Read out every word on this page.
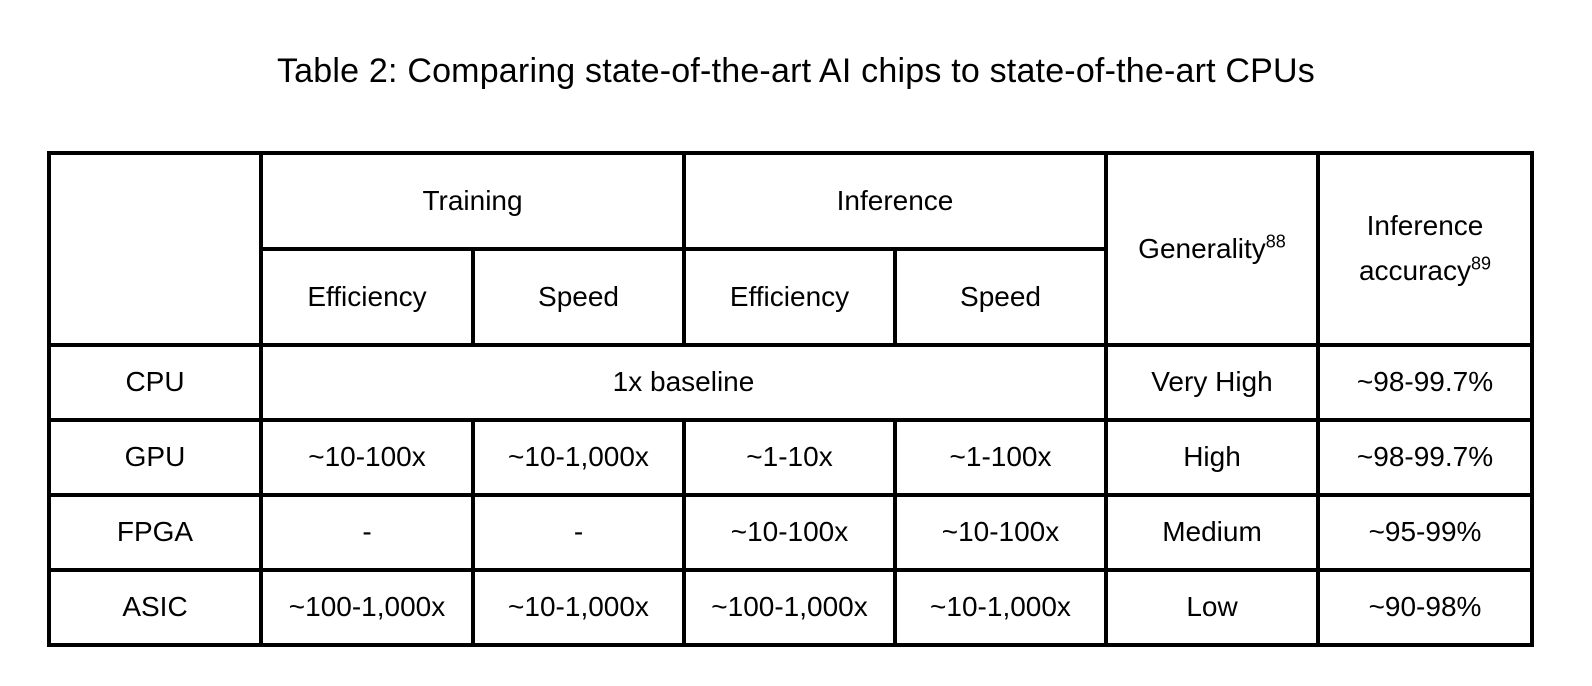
Table 2: Comparing state-of-the-art AI chips to state-of-the-art CPUs
	Training		Inference		Generality$^{88}$	Inference
accuracy$^{89}$
	Efficiency	Speed	Efficiency	Speed		
CPU	1x baseline				Very High	~98-99.7%
GPU	~10-100x	~10-1,000x	~1-10x	~1-100x	High	~98-99.7%
FPGA	-	-	~10-100x	~10-100x	Medium	~95-99%
ASIC	~100-1,000x	~10-1,000x	~100-1,000x	~10-1,000x	Low	~90-98%
